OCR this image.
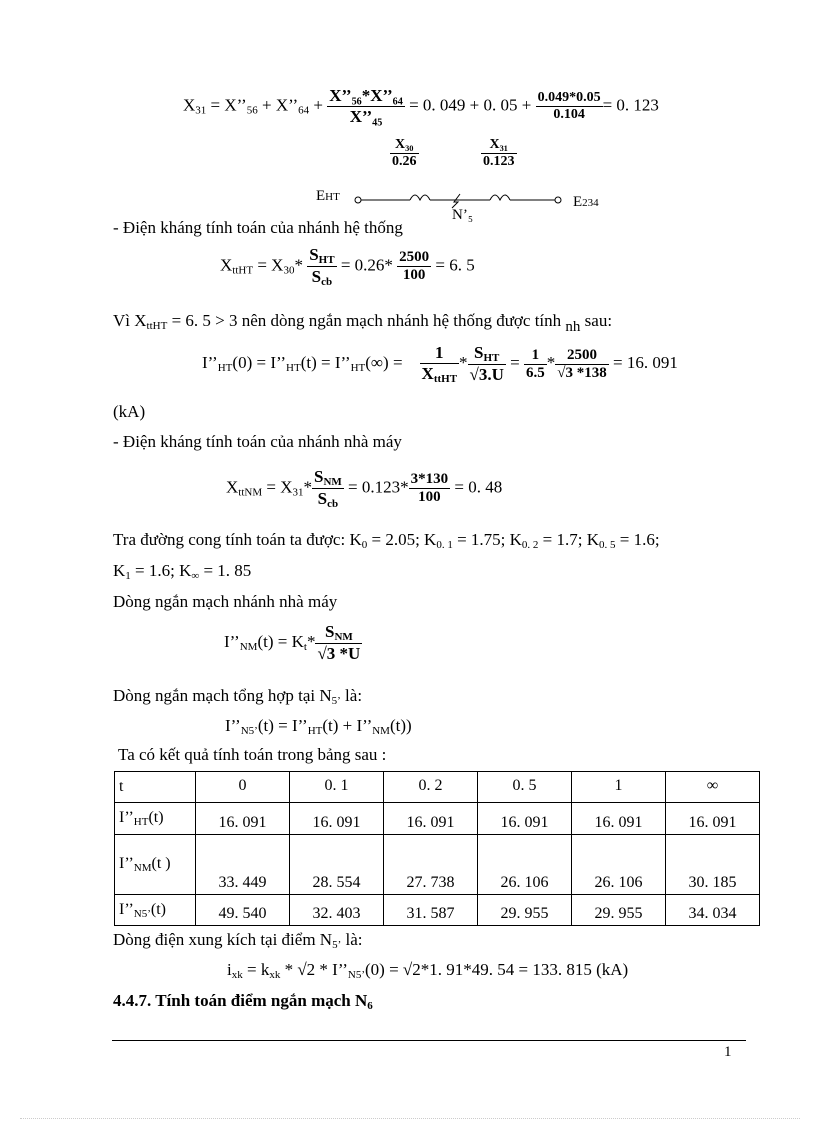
$X_{31}$ = $X’’_{56}$ + $X’’_{64} + \frac{\text{X’’₅₆*X’’₆₄}}{\text{X’’₄₅}} = 0$. 049 + 0. $05 + \frac{0.049*0.05}{0.104} = 0$. 123
$\frac{\text{X₃₀}}{0.26}$	$\frac{\text{X₃₁}}{0.123}$
EHT	E234
N’₅
- Điện kháng tính toán của nhánh hệ thống
$X_{ttHT} = X_{30}* \frac{S_{HT}}{S_{cb}} = 0.26* \frac{2500}{100} = 6$. 5
Vì $X_{ttHT} = 6$. 5 > 3 nên dòng ngắn mạch nhánh hệ thống được tính nh sau:
$I’’_{HT}(0)$ = $I’’_{HT}(t)$ = $I’’_{HT}(\infty) = \frac{1}{X_{ttHT}} * \frac{S_{HT}}{√3.U} = \frac{1}{6.5} * \frac{2500}{√3 *138} = 16$. 091
(kA)
- Điện kháng tính toán của nhánh nhà máy
$X_{ttNM} = X_{31}* \frac{S_{NM}}{S_{cb}} = 0.123* \frac{3*130}{100} = 0$. 48
Tra đường cong tính toán ta được: $K_0 = 2.05$; $K_{0. 1} = 1.75$; $K_{0. 2} = 1.7$; $K_{0. 5} = 1.6$;
$K_1 = 1.6$; $K_\infty = 1$. 85
Dòng ngắn mạch nhánh nhà máy
$I’’_{NM}(t) = K_t* \frac{S_{NM}}{√3 *U}$
Dòng ngắn mạch tổng hợp tại $N_{5’}$ là:
$I’’_{N5’}(t)$ = $I’’_{HT}(t)$ + $I’’_{NM}(t)$)
Ta có kết quả tính toán trong bảng sau :
t	0	0. 1	0. 2	0. 5	1	∞
$I’’_{HT}(t)$	16. 091	16. 091	16. 091	16. 091	16. 091	16. 091
$I’’_{NM}(t$ )	33. 449	28. 554	27. 738	26. 106	26. 106	30. 185
$I’’_{N5’}(t)$	49. 540	32. 403	31. 587	29. 955	29. 955	34. 034
Dòng điện xung kích tại điểm $N_{5’}$ là:
$i_{xk} = k_{xk} * √2$ * $I’’_{N5’}(0) = √2*1$. 91*49. 54 = 133. 815 (kA)
4.4.7. Tính toán điểm ngắn mạch $N_6$
1
